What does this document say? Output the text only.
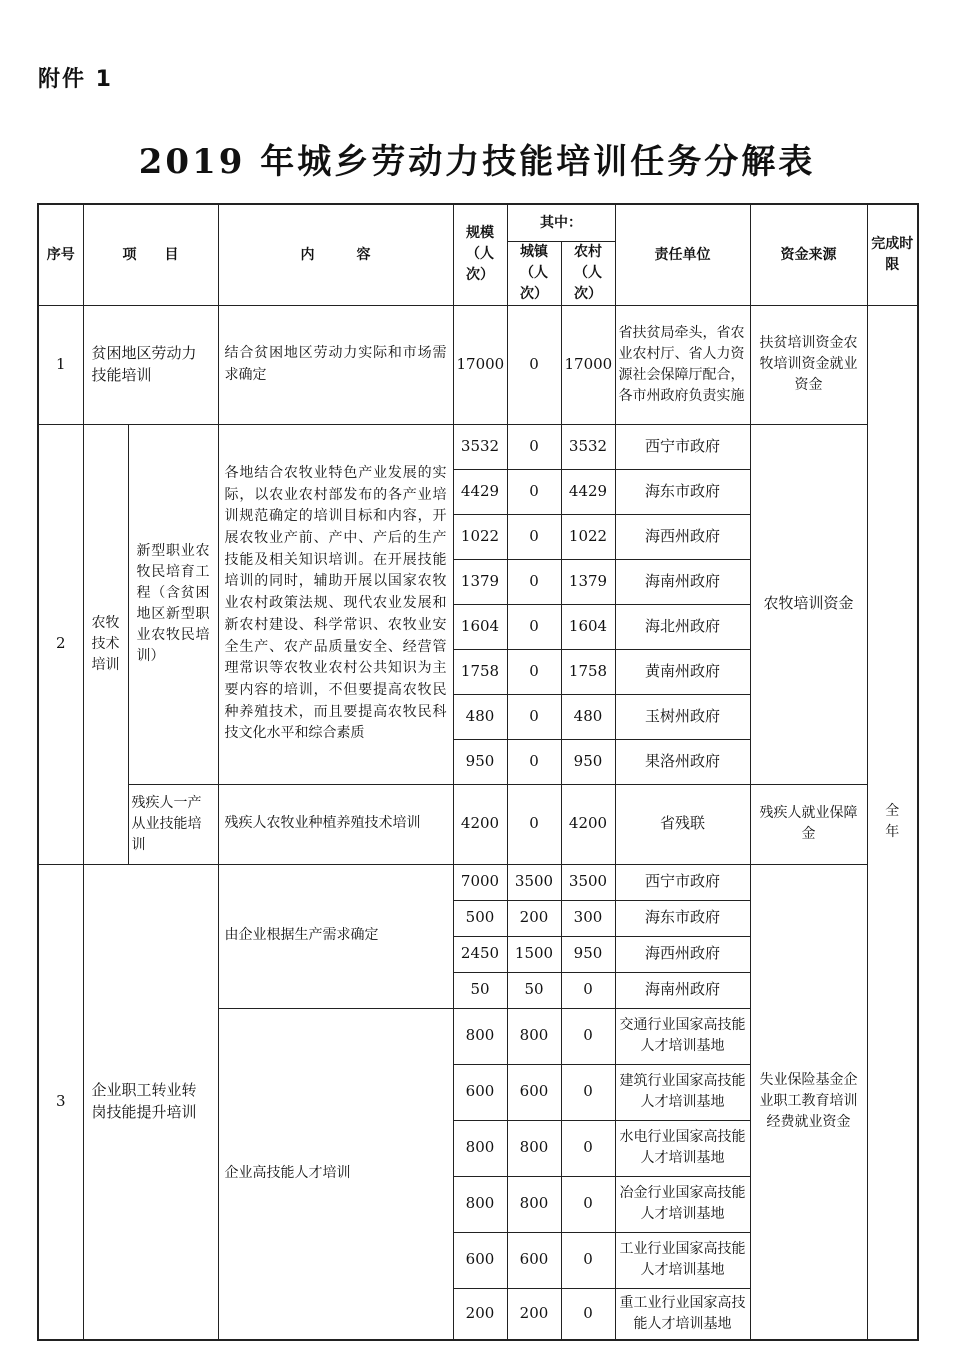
附件 1
2019 年城乡劳动力技能培训任务分解表
序号	项　　目		内　　　容	规模（人次）	其中：		责任单位	资金来源	完成时限
					城镇（人次）	农村（人次）			
1	贫困地区劳动力技能培训		结合贫困地区劳动力实际和市场需求确定	17000	0	17000	省扶贫局牵头，省农业农村厅、省人力资源社会保障厅配合，各市州政府负责实施	扶贫培训资金农牧培训资金就业资金	全　　年
2	农牧技术培训	新型职业农牧民培育工程（含贫困地区新型职业农牧民培训）	各地结合农牧业特色产业发展的实际，以农业农村部发布的各产业培训规范确定的培训目标和内容，开展农牧业产前、产中、产后的生产技能及相关知识培训。在开展技能培训的同时，辅助开展以国家农牧业农村政策法规、现代农业发展和新农村建设、科学常识、农牧业安全生产、农产品质量安全、经营管理常识等农牧业农村公共知识为主要内容的培训，不但要提高农牧民种养殖技术，而且要提高农牧民科技文化水平和综合素质	3532	0	3532	西宁市政府	农牧培训资金	
				4429	0	4429	海东市政府		
				1022	0	1022	海西州政府		
				1379	0	1379	海南州政府		
				1604	0	1604	海北州政府		
				1758	0	1758	黄南州政府		
				480	0	480	玉树州政府		
				950	0	950	果洛州政府		
		残疾人一产从业技能培训	残疾人农牧业种植养殖技术培训	4200	0	4200	省残联	残疾人就业保障金	
3	企业职工转业转岗技能提升培训		由企业根据生产需求确定	7000	3500	3500	西宁市政府	失业保险基金企业职工教育培训经费就业资金	
				500	200	300	海东市政府		
				2450	1500	950	海西州政府		
				50	50	0	海南州政府		
			企业高技能人才培训	800	800	0	交通行业国家高技能人才培训基地		
				600	600	0	建筑行业国家高技能人才培训基地		
				800	800	0	水电行业国家高技能人才培训基地		
				800	800	0	冶金行业国家高技能人才培训基地		
				600	600	0	工业行业国家高技能人才培训基地		
				200	200	0	重工业行业国家高技能人才培训基地		
